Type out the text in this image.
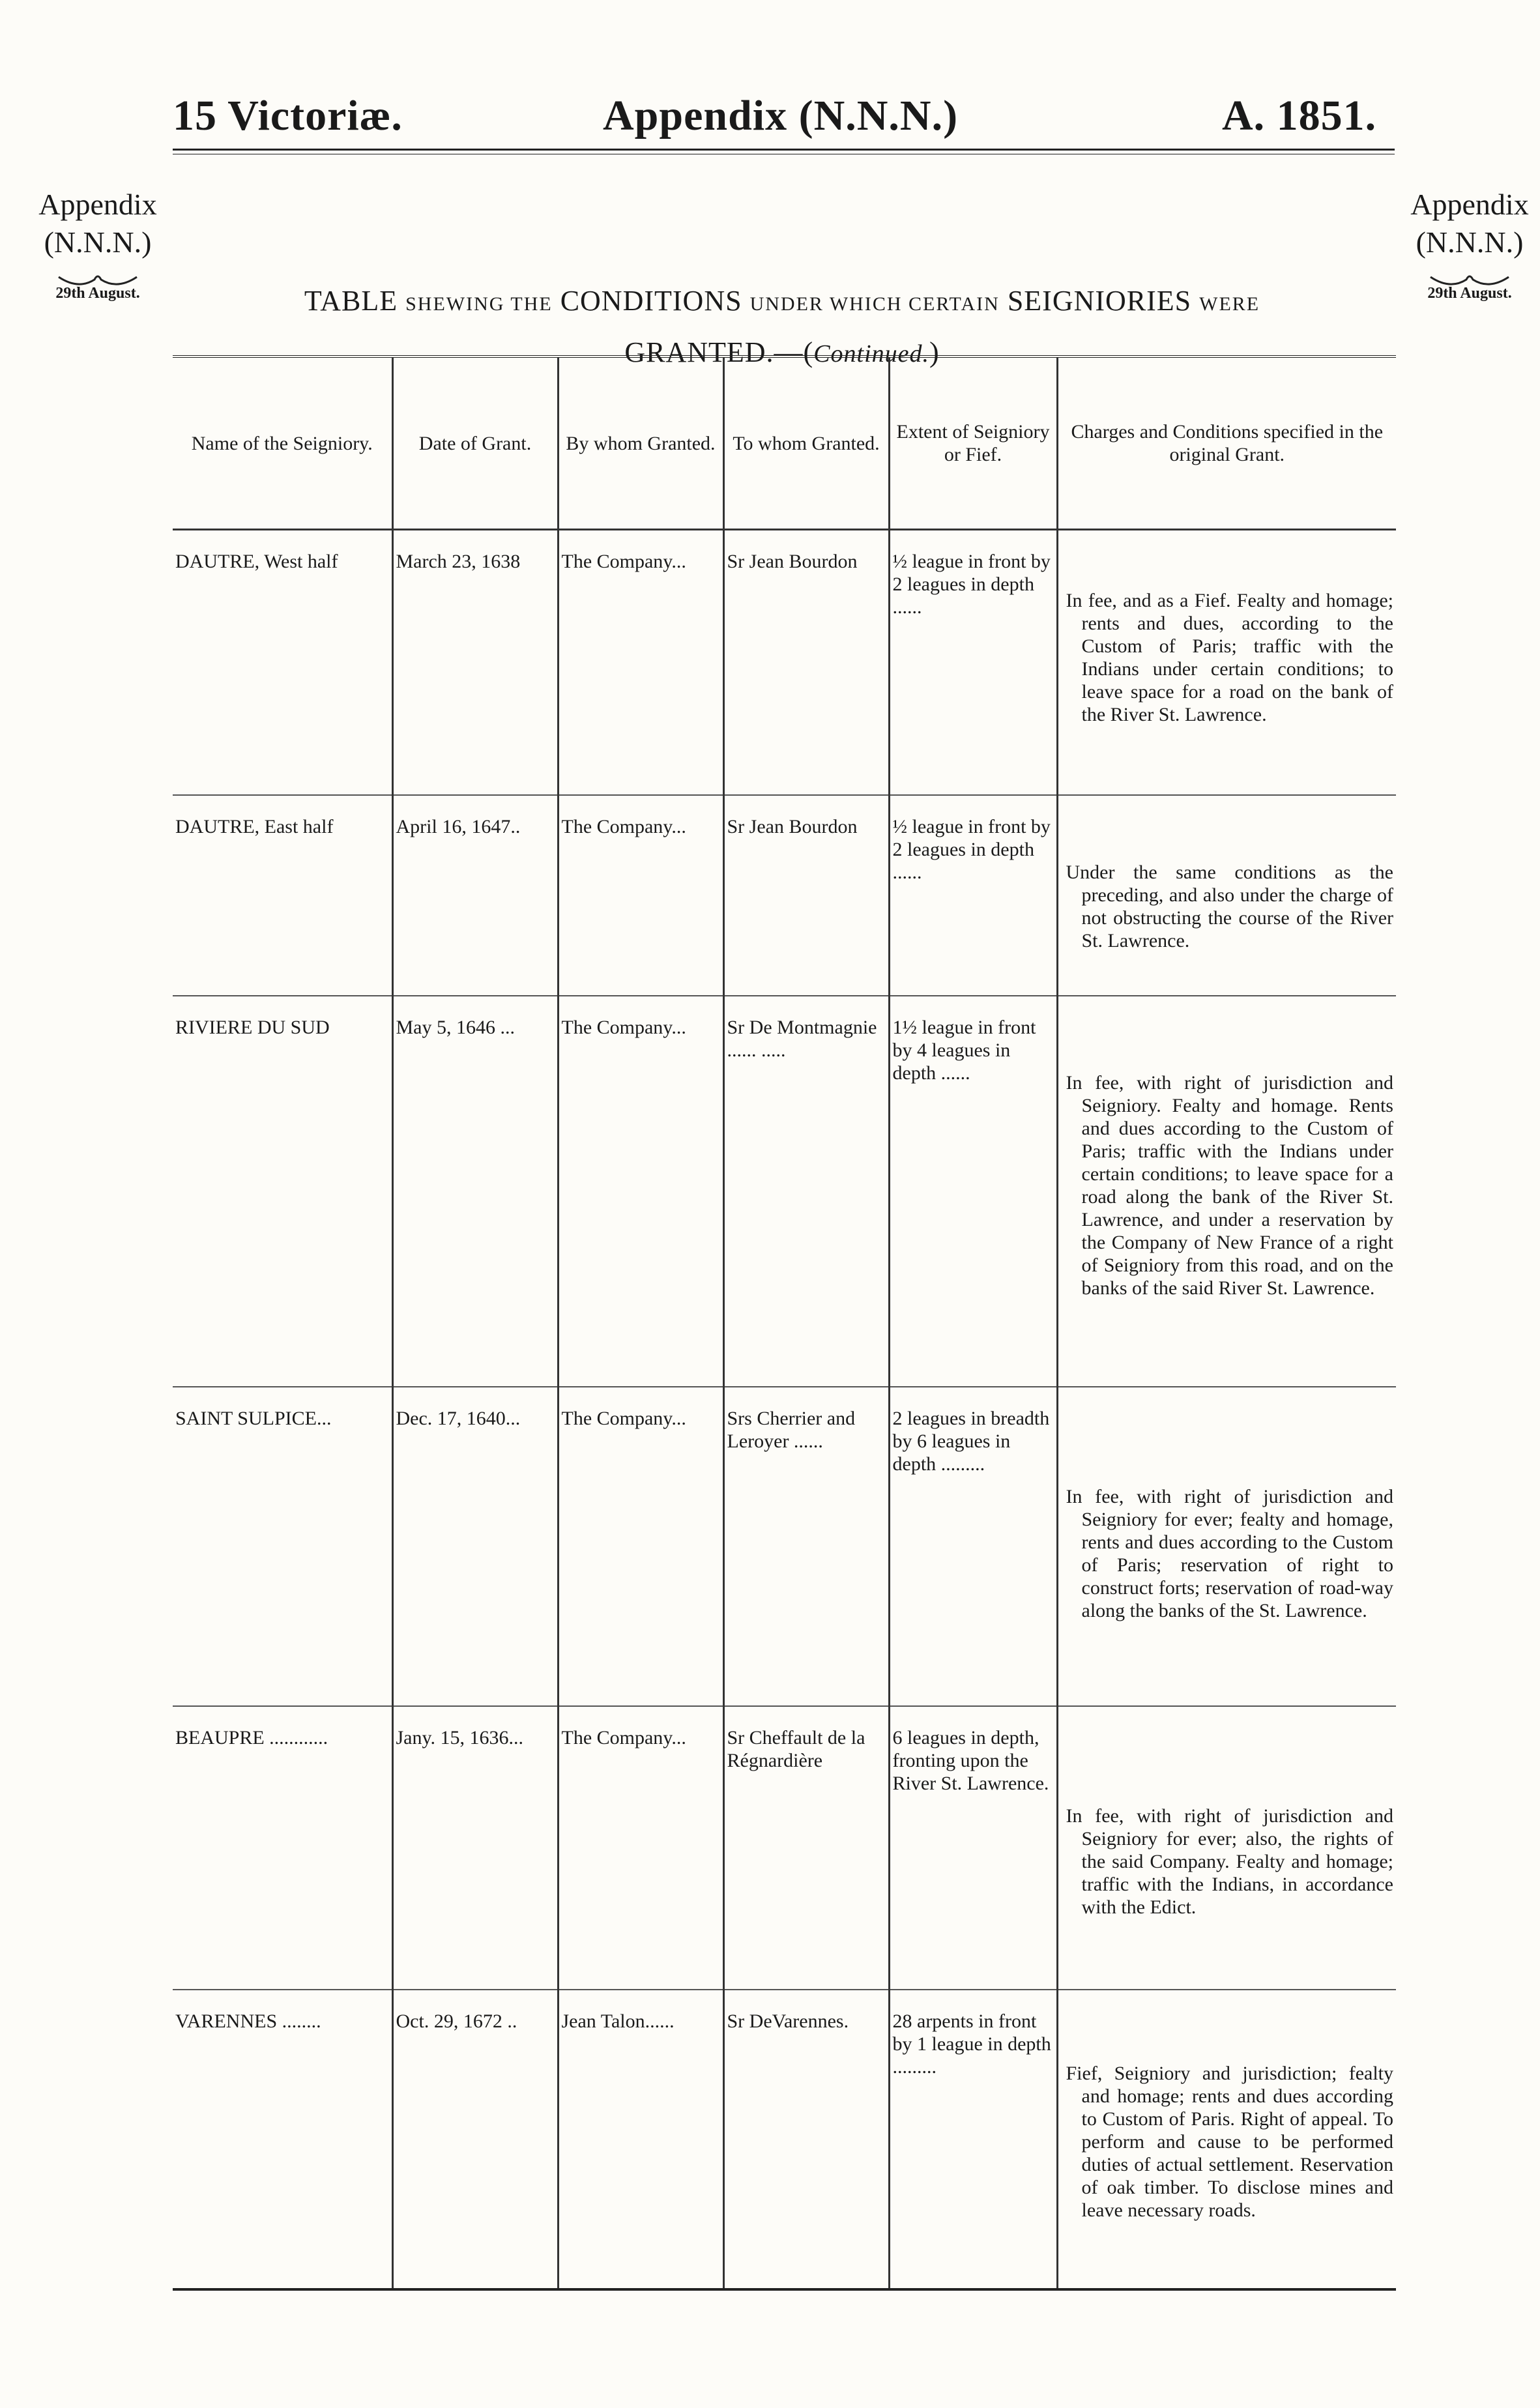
15 Victoriæ.	Appendix (N.N.N.)	A. 1851.
Appendix
(N.N.N.)
29th August.
Appendix
(N.N.N.)
29th August.
TABLE SHEWING THE CONDITIONS UNDER WHICH CERTAIN SEIGNIORIES WERE
GRANTED.—(Continued.)
Name of the Seigniory.	Date of Grant.	By whom Granted.	To whom Granted.	Extent of Seigniory or Fief.	Charges and Conditions specified in the original Grant.
DAUTRE, West half	March 23, 1638	The Company...	Sr Jean Bourdon	½ league in front by 2 leagues in depth ......	In fee, and as a Fief. Fealty and homage; rents and dues, according to the Custom of Paris; traffic with the Indians under certain conditions; to leave space for a road on the bank of the River St. Lawrence.

DAUTRE, East half	April 16, 1647..	The Company...	Sr Jean Bourdon	½ league in front by 2 leagues in depth ......	Under the same conditions as the preceding, and also under the charge of not obstructing the course of the River St. Lawrence.

RIVIERE DU SUD	May 5, 1646 ...	The Company...	Sr De Montmagnie ...... .....	1½ league in front by 4 leagues in depth ......	In fee, with right of jurisdiction and Seigniory. Fealty and homage. Rents and dues according to the Custom of Paris; traffic with the Indians under certain conditions; to leave space for a road along the bank of the River St. Lawrence, and under a reservation by the Company of New France of a right of Seigniory from this road, and on the banks of the said River St. Lawrence.

SAINT SULPICE...	Dec. 17, 1640...	The Company...	Srs Cherrier and Leroyer ......	2 leagues in breadth by 6 leagues in depth .........	In fee, with right of jurisdiction and Seigniory for ever; fealty and homage, rents and dues according to the Custom of Paris; reservation of right to construct forts; reservation of road-way along the banks of the St. Lawrence.

BEAUPRE ............	Jany. 15, 1636...	The Company...	Sr Cheffault de la Régnardière	6 leagues in depth, fronting upon the River St. Lawrence.	In fee, with right of jurisdiction and Seigniory for ever; also, the rights of the said Company. Fealty and homage; traffic with the Indians, in accordance with the Edict.

VARENNES ........	Oct. 29, 1672 ..	Jean Talon......	Sr DeVarennes.	28 arpents in front by 1 league in depth .........	Fief, Seigniory and jurisdiction; fealty and homage; rents and dues according to Custom of Paris. Right of appeal. To perform and cause to be performed duties of actual settlement. Reservation of oak timber. To disclose mines and leave necessary roads.
